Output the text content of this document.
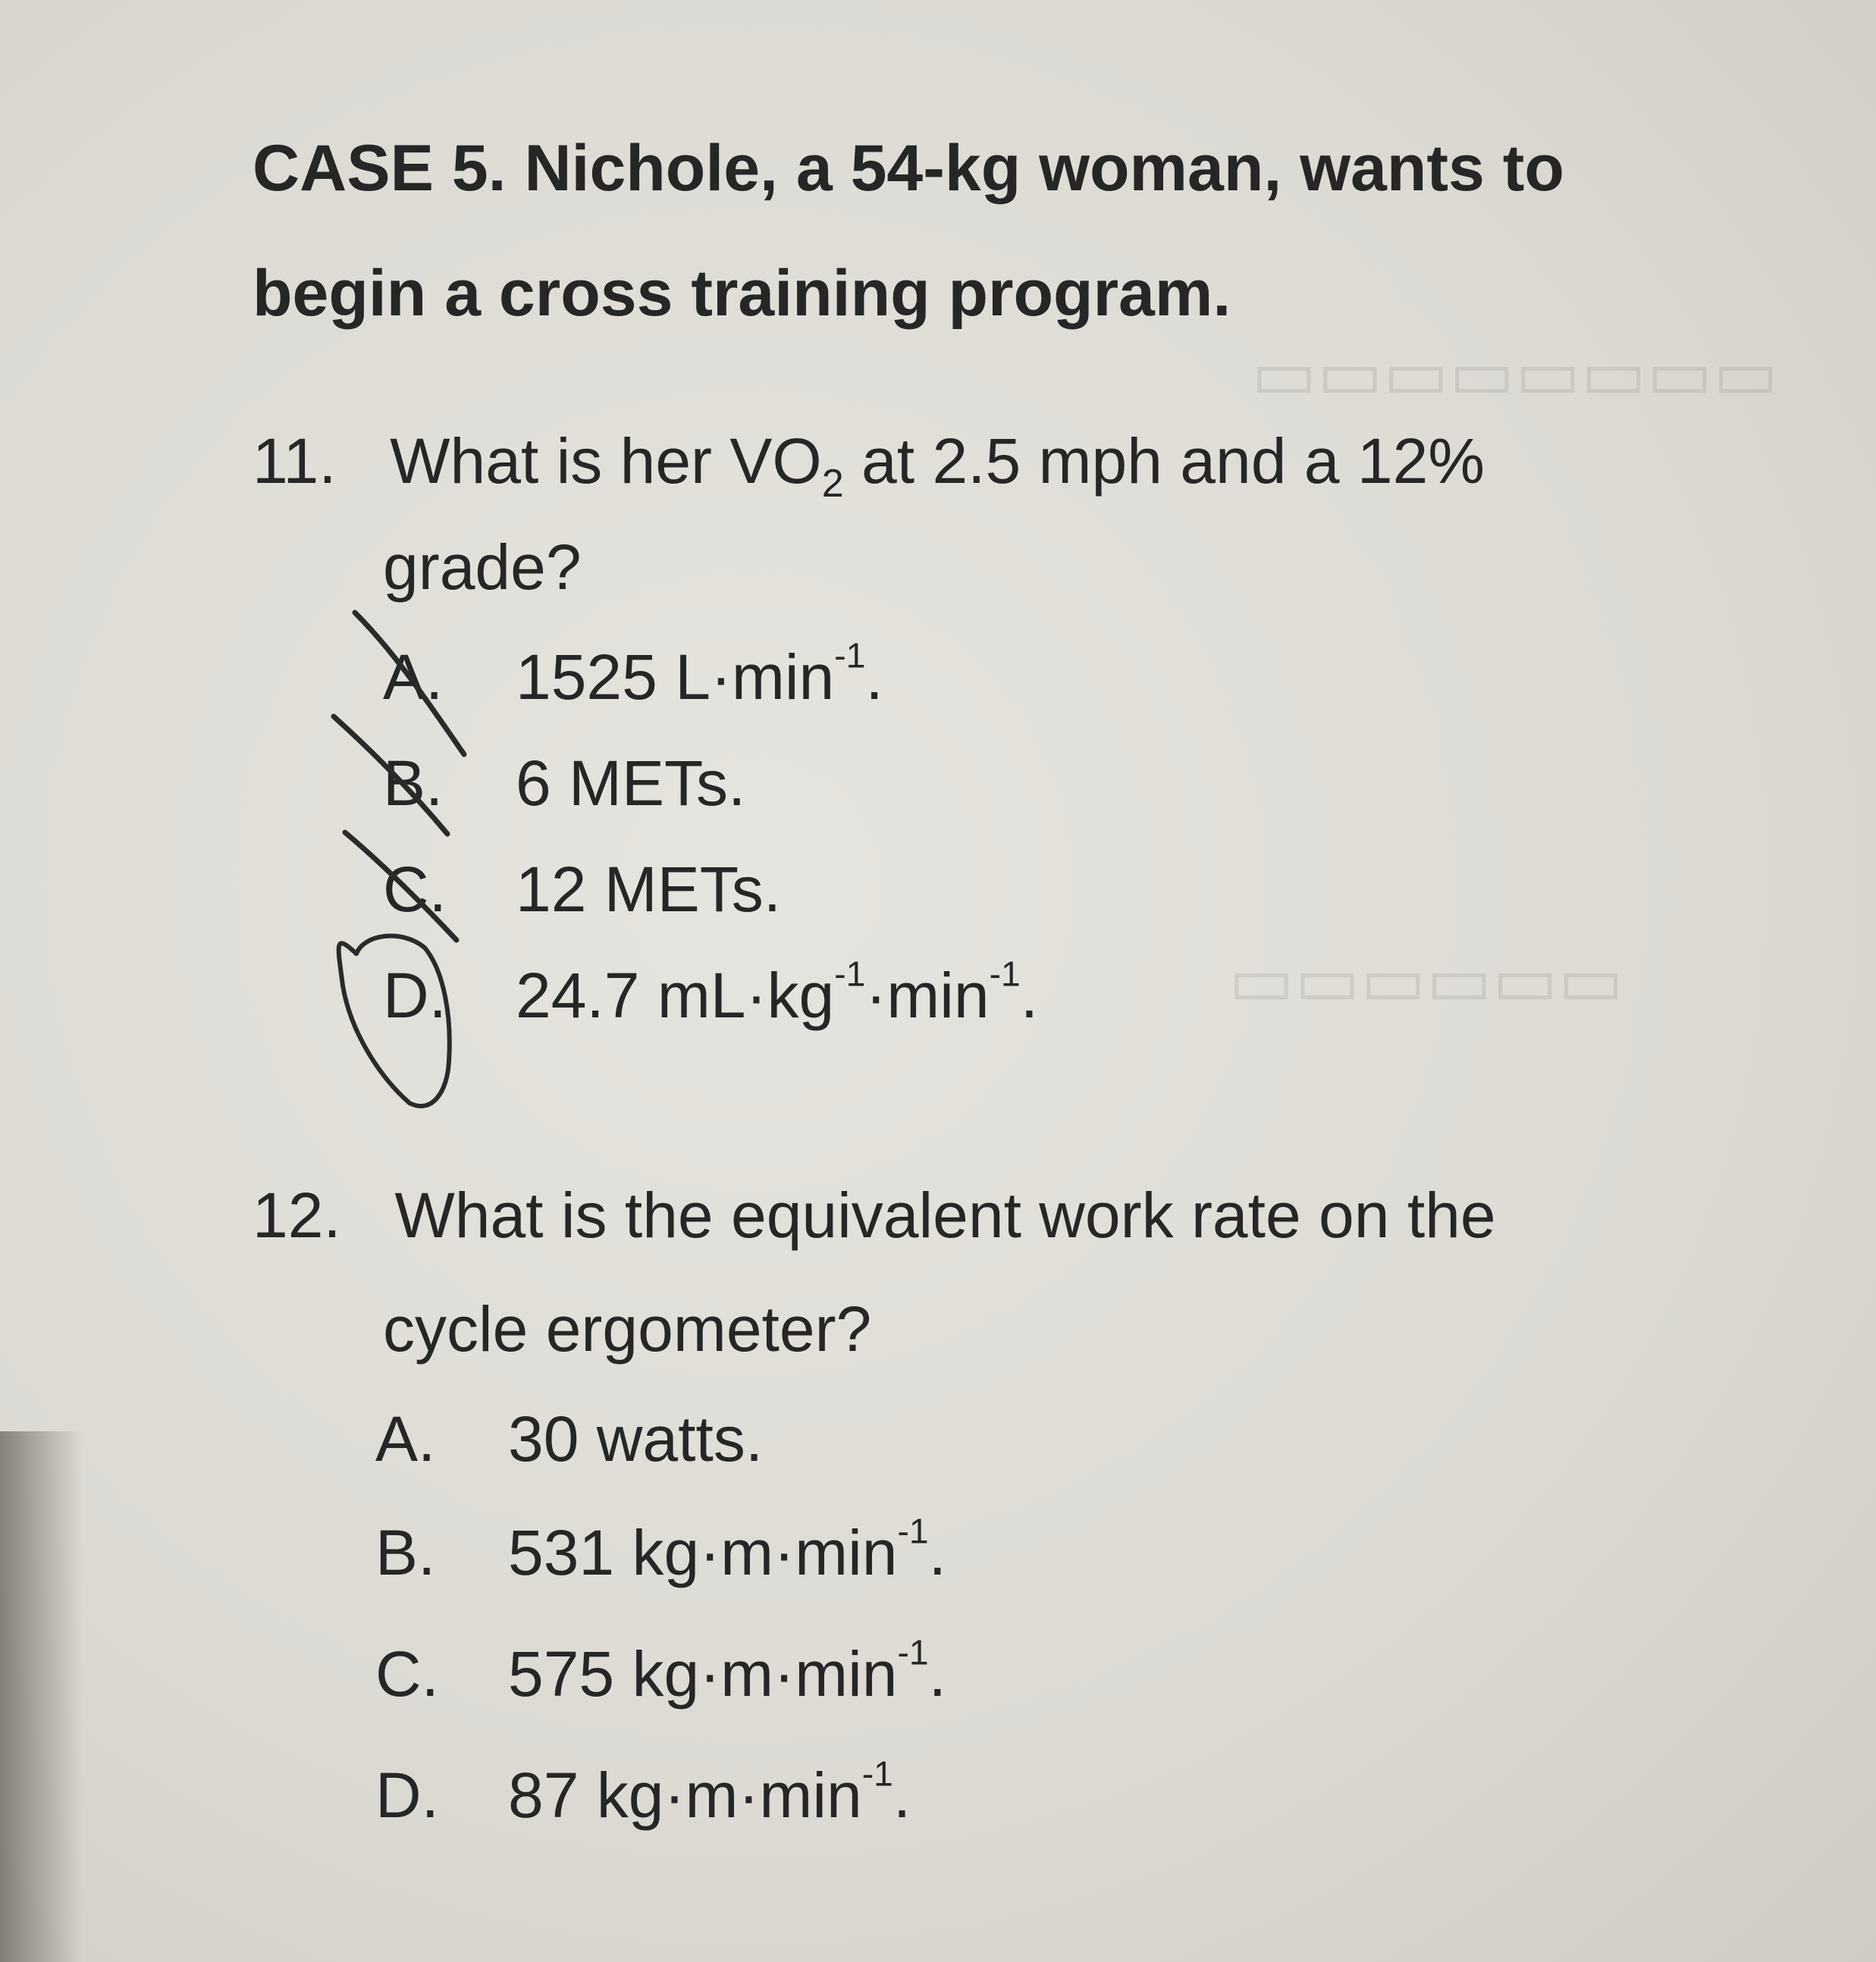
▭▭▭▭▭▭▭▭
▭▭▭▭▭▭
CASE 5. Nichole, a 54-kg woman, wants to begin a cross training program.
11. What is her $VO_2$ at 2.5 mph and a 12%
grade?
A. 1525 $L\cdot\min^{-1}$.
B. 6 METs.
C. 12 METs.
D. 24.7 $mL\cdot kg^{-1}\cdot\min^{-1}$.
12. What is the equivalent work rate on the
cycle ergometer?
A. 30 watts.
B. 531 $kg\cdot m\cdot\min^{-1}$.
C. 575 $kg\cdot m\cdot\min^{-1}$.
D. 87 $kg\cdot m\cdot\min^{-1}$.
